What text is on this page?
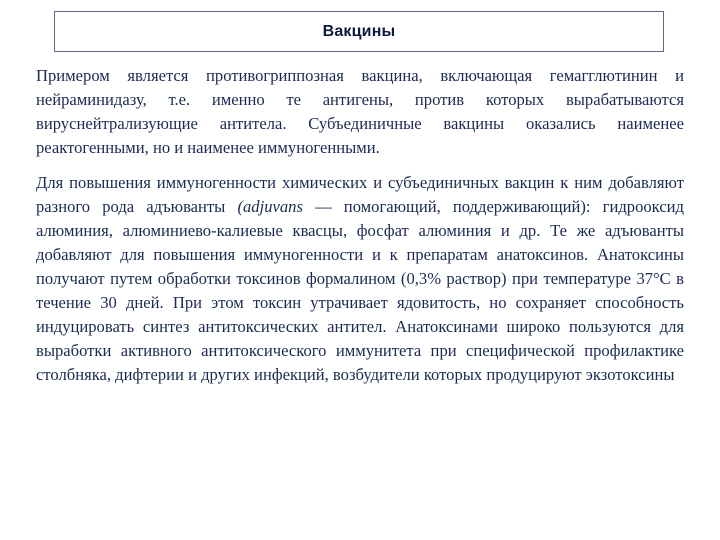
Вакцины

Примером является противогриппозная вакцина, включающая гемагглютинин и нейраминидазу, т.е. именно те антигены, против которых вырабатываются вируснейтрализующие антитела. Субъединичные вакцины оказались наименее реактогенными, но и наименее иммуногенными.

Для повышения иммуногенности химических и субъединичных вакцин к ним добавляют разного рода адъюванты (adjuvans — помогающий, поддерживающий): гидрооксид алюминия, алюминиево-калиевые квасцы, фосфат алюминия и др. Те же адъюванты добавляют для повышения иммуногенности и к препаратам анатоксинов. Анатоксины получают путем обработки токсинов формалином (0,3% раствор) при температуре 37°С в течение 30 дней. При этом токсин утрачивает ядовитость, но сохраняет способность индуцировать синтез антитоксических антител. Анатоксинами широко пользуются для выработки активного антитоксического иммунитета при специфической профилактике столбняка, дифтерии и других инфекций, возбудители которых продуцируют экзотоксины
